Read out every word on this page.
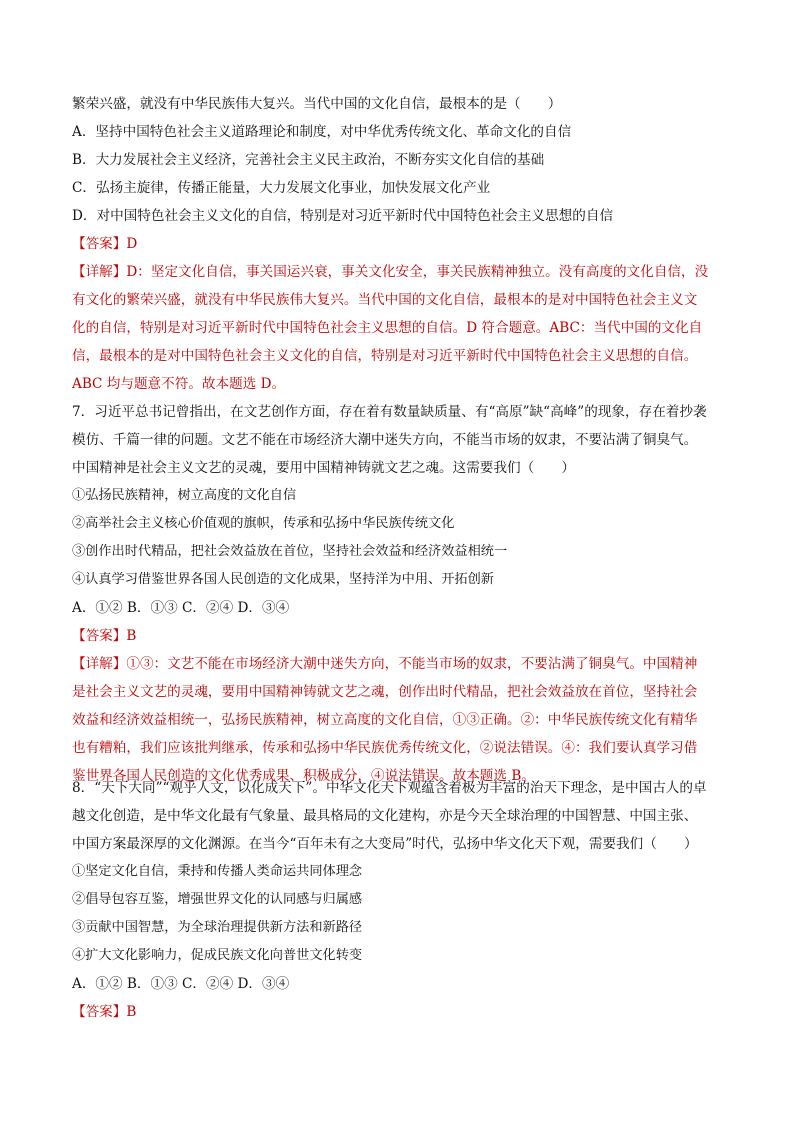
繁荣兴盛，就没有中华民族伟大复兴。当代中国的文化自信，最根本的是（　　）
A．坚持中国特色社会主义道路理论和制度，对中华优秀传统文化、革命文化的自信
B．大力发展社会主义经济，完善社会主义民主政治，不断夯实文化自信的基础
C．弘扬主旋律，传播正能量，大力发展文化事业，加快发展文化产业
D．对中国特色社会主义文化的自信，特别是对习近平新时代中国特色社会主义思想的自信
【答案】D
【详解】D：坚定文化自信，事关国运兴衰，事关文化安全，事关民族精神独立。没有高度的文化自信，没
有文化的繁荣兴盛，就没有中华民族伟大复兴。当代中国的文化自信，最根本的是对中国特色社会主义文
化的自信，特别是对习近平新时代中国特色社会主义思想的自信。D 符合题意。ABC：当代中国的文化自
信，最根本的是对中国特色社会主义文化的自信，特别是对习近平新时代中国特色社会主义思想的自信。
ABC 均与题意不符。故本题选 D。
7．习近平总书记曾指出，在文艺创作方面，存在着有数量缺质量、有“高原”缺“高峰”的现象，存在着抄袭
模仿、千篇一律的问题。文艺不能在市场经济大潮中迷失方向，不能当市场的奴隶，不要沾满了铜臭气。
中国精神是社会主义文艺的灵魂，要用中国精神铸就文艺之魂。这需要我们（　　）
①弘扬民族精神，树立高度的文化自信
②高举社会主义核心价值观的旗帜，传承和弘扬中华民族传统文化
③创作出时代精品，把社会效益放在首位，坚持社会效益和经济效益相统一
④认真学习借鉴世界各国人民创造的文化成果，坚持洋为中用、开拓创新
A．①② B．①③ C．②④ D．③④
【答案】B
【详解】①③：文艺不能在市场经济大潮中迷失方向，不能当市场的奴隶，不要沾满了铜臭气。中国精神
是社会主义文艺的灵魂，要用中国精神铸就文艺之魂，创作出时代精品，把社会效益放在首位，坚持社会
效益和经济效益相统一，弘扬民族精神，树立高度的文化自信，①③正确。②：中华民族传统文化有精华
也有糟粕，我们应该批判继承，传承和弘扬中华民族优秀传统文化，②说法错误。④：我们要认真学习借
鉴世界各国人民创造的文化优秀成果、积极成分，④说法错误。故本题选 B。
8．“天下大同”“观乎人文，以化成天下”。中华文化天下观蕴含着极为丰富的治天下理念，是中国古人的卓
越文化创造，是中华文化最有气象量、最具格局的文化建构，亦是今天全球治理的中国智慧、中国主张、
中国方案最深厚的文化渊源。在当今“百年未有之大变局”时代，弘扬中华文化天下观，需要我们（　　）
①坚定文化自信，秉持和传播人类命运共同体理念
②倡导包容互鉴，增强世界文化的认同感与归属感
③贡献中国智慧，为全球治理提供新方法和新路径
④扩大文化影响力，促成民族文化向普世文化转变
A．①② B．①③ C．②④ D．③④
【答案】B
